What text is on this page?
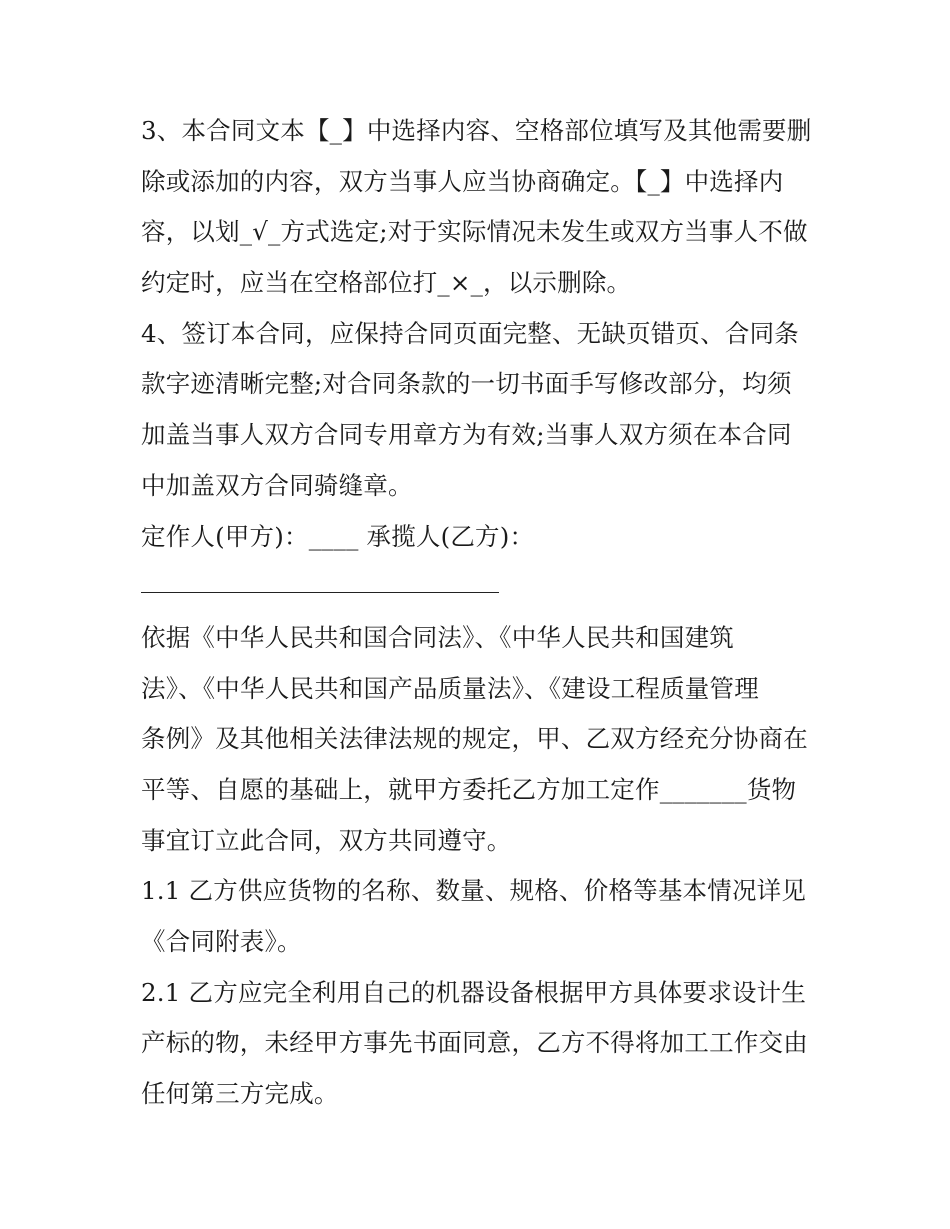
3、本合同文本【_】中选择内容、空格部位填写及其他需要删
除或添加的内容，双方当事人应当协商确定。【_】中选择内
容，以划_√_方式选定;对于实际情况未发生或双方当事人不做
约定时，应当在空格部位打_×_，以示删除。
4、签订本合同，应保持合同页面完整、无缺页错页、合同条
款字迹清晰完整;对合同条款的一切书面手写修改部分，均须
加盖当事人双方合同专用章方为有效;当事人双方须在本合同
中加盖双方合同骑缝章。
定作人(甲方)：____ 承揽人(乙方)：
依据《中华人民共和国合同法》、《中华人民共和国建筑
法》、《中华人民共和国产品质量法》、《建设工程质量管理
条例》及其他相关法律法规的规定，甲、乙双方经充分协商在
平等、自愿的基础上，就甲方委托乙方加工定作_______货物
事宜订立此合同，双方共同遵守。
1.1 乙方供应货物的名称、数量、规格、价格等基本情况详见
《合同附表》。
2.1 乙方应完全利用自己的机器设备根据甲方具体要求设计生
产标的物，未经甲方事先书面同意，乙方不得将加工工作交由
任何第三方完成。
